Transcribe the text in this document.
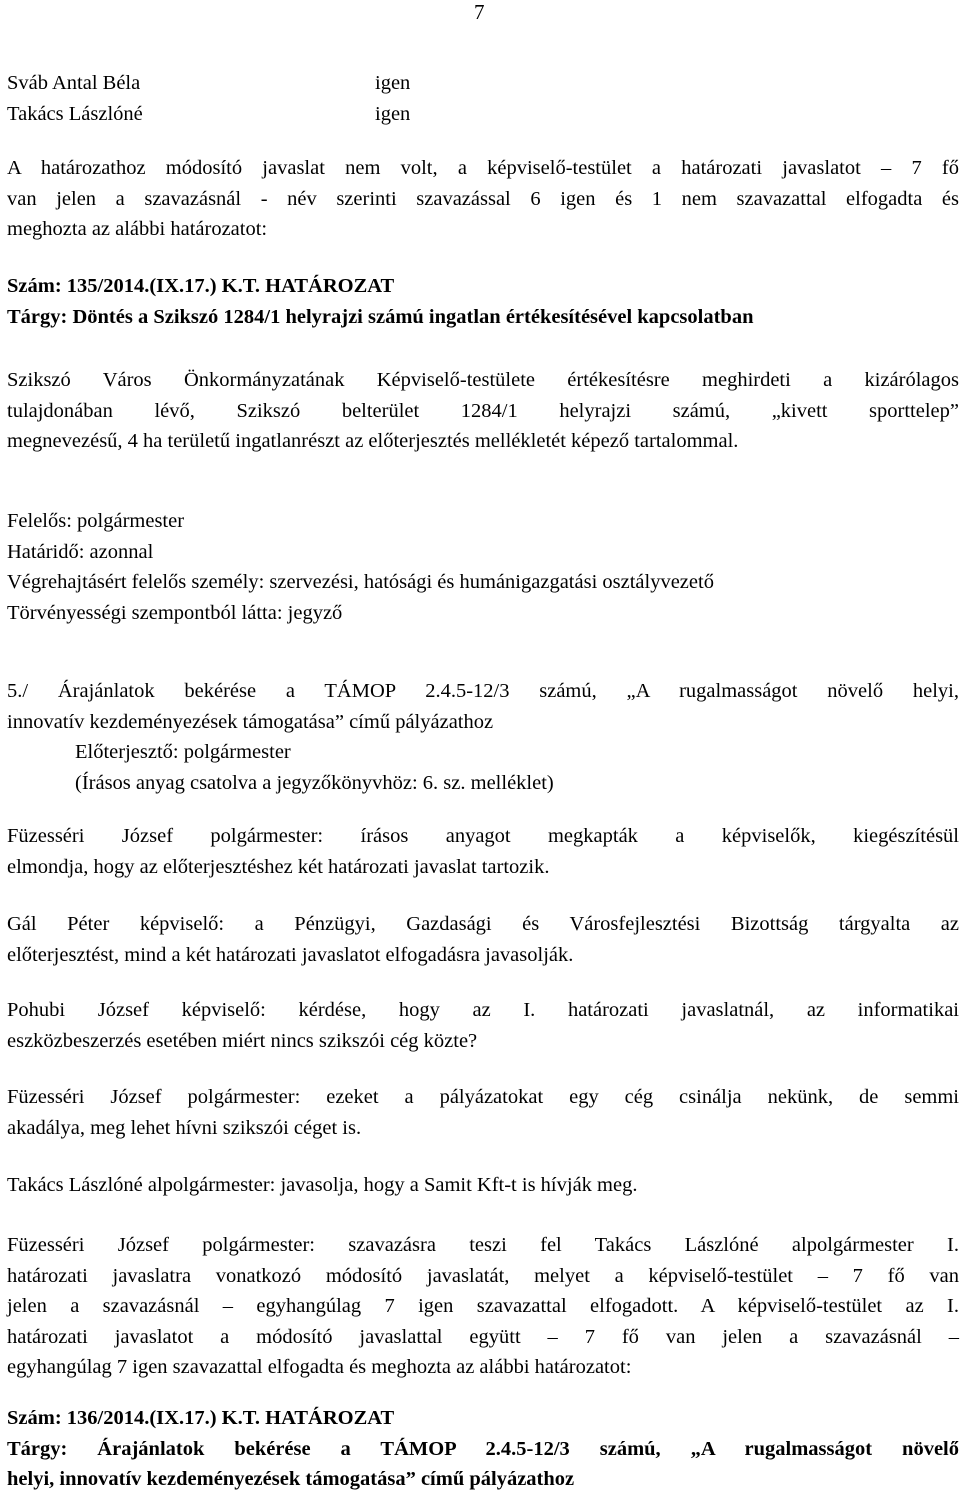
7
Sváb Antal Béla	igen
Takács Lászlóné	igen

A határozathoz módosító javaslat nem volt, a képviselő-testület a határozati javaslatot – 7 fő

van jelen a szavazásnál - név szerinti szavazással 6 igen és 1 nem szavazattal elfogadta és

meghozta az alábbi határozatot:

Szám: 135/2014.(IX.17.) K.T. HATÁROZAT

Tárgy: Döntés a Szikszó 1284/1 helyrajzi számú ingatlan értékesítésével kapcsolatban

Szikszó Város Önkormányzatának Képviselő-testülete értékesítésre meghirdeti a kizárólagos

tulajdonában lévő, Szikszó belterület 1284/1 helyrajzi számú, „kivett sporttelep”

megnevezésű, 4 ha területű ingatlanrészt az előterjesztés mellékletét képező tartalommal.

Felelős: polgármester

Határidő: azonnal

Végrehajtásért felelős személy: szervezési, hatósági és humánigazgatási osztályvezető

Törvényességi szempontból látta: jegyző

5./ Árajánlatok bekérése a TÁMOP 2.4.5-12/3 számú, „A rugalmasságot növelő helyi,

innovatív kezdeményezések támogatása” című pályázathoz

Előterjesztő: polgármester

(Írásos anyag csatolva a jegyzőkönyvhöz: 6. sz. melléklet)

Füzesséri József polgármester: írásos anyagot megkapták a képviselők, kiegészítésül

elmondja, hogy az előterjesztéshez két határozati javaslat tartozik.

Gál Péter képviselő: a Pénzügyi, Gazdasági és Városfejlesztési Bizottság tárgyalta az

előterjesztést, mind a két határozati javaslatot elfogadásra javasolják.

Pohubi József képviselő: kérdése, hogy az I. határozati javaslatnál, az informatikai

eszközbeszerzés esetében miért nincs szikszói cég közte?

Füzesséri József polgármester: ezeket a pályázatokat egy cég csinálja nekünk, de semmi

akadálya, meg lehet hívni szikszói céget is.

Takács Lászlóné alpolgármester: javasolja, hogy a Samit Kft-t is hívják meg.

Füzesséri József polgármester: szavazásra teszi fel Takács Lászlóné alpolgármester I.

határozati javaslatra vonatkozó módosító javaslatát, melyet a képviselő-testület – 7 fő van

jelen a szavazásnál – egyhangúlag 7 igen szavazattal elfogadott. A képviselő-testület az I.

határozati javaslatot a módosító javaslattal együtt – 7 fő van jelen a szavazásnál –

egyhangúlag 7 igen szavazattal elfogadta és meghozta az alábbi határozatot:

Szám: 136/2014.(IX.17.) K.T. HATÁROZAT

Tárgy: Árajánlatok bekérése a TÁMOP 2.4.5-12/3 számú, „A rugalmasságot növelő

helyi, innovatív kezdeményezések támogatása” című pályázathoz
